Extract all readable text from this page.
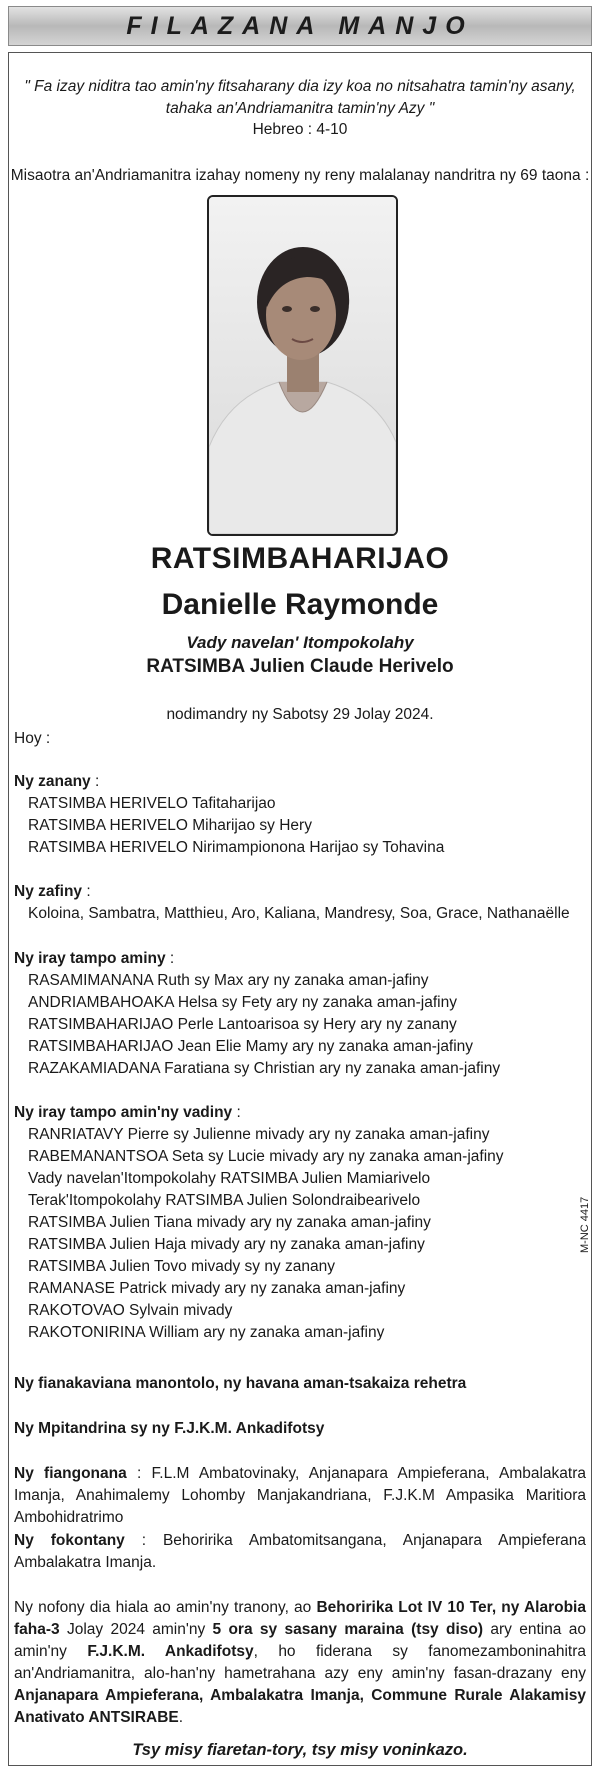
FILAZANA MANJO
" Fa izay niditra tao amin'ny fitsaharany dia izy koa no nitsahatra tamin'ny asany,
tahaka an'Andriamanitra tamin'ny Azy "
Hebreo : 4-10
Misaotra an'Andriamanitra izahay nomeny ny reny malalanay nandritra ny 69 taona :
RATSIMBAHARIJAO
Danielle Raymonde
Vady navelan' Itompokolahy
RATSIMBA Julien Claude Herivelo
nodimandry ny Sabotsy 29 Jolay 2024.
Hoy :
Ny zanany :
RATSIMBA HERIVELO Tafitaharijao
RATSIMBA HERIVELO Miharijao sy Hery
RATSIMBA HERIVELO Nirimampionona Harijao sy Tohavina
Ny zafiny :
Koloina, Sambatra, Matthieu, Aro, Kaliana, Mandresy, Soa, Grace, Nathanaëlle
Ny iray tampo aminy :
RASAMIMANANA Ruth sy Max ary ny zanaka aman-jafiny
ANDRIAMBAHOAKA Helsa sy Fety ary ny zanaka aman-jafiny
RATSIMBAHARIJAO Perle Lantoarisoa sy Hery ary ny zanany
RATSIMBAHARIJAO Jean Elie Mamy ary ny zanaka aman-jafiny
RAZAKAMIADANA Faratiana sy Christian ary ny zanaka aman-jafiny
Ny iray tampo amin'ny vadiny :
RANRIATAVY Pierre sy Julienne mivady ary ny zanaka aman-jafiny
RABEMANANTSOA Seta sy Lucie mivady ary ny zanaka aman-jafiny
Vady navelan'Itompokolahy RATSIMBA Julien Mamiarivelo
Terak'Itompokolahy RATSIMBA Julien Solondraibearivelo
RATSIMBA Julien Tiana mivady ary ny zanaka aman-jafiny
RATSIMBA Julien Haja mivady ary ny zanaka aman-jafiny
RATSIMBA Julien Tovo mivady sy ny zanany
RAMANASE Patrick mivady ary ny zanaka aman-jafiny
RAKOTOVAO Sylvain mivady
RAKOTONIRINA William ary ny zanaka aman-jafiny
Ny fianakaviana manontolo, ny havana aman-tsakaiza rehetra
Ny Mpitandrina sy ny F.J.K.M. Ankadifotsy
Ny fiangonana : F.L.M Ambatovinaky, Anjanapara Ampieferana, Ambalakatra Imanja, Anahimalemy Lohomby Manjakandriana, F.J.K.M Ampasika Maritiora Ambohidratrimo
Ny fokontany : Behoririka Ambatomitsangana, Anjanapara Ampieferana Ambalakatra Imanja.
Ny nofony dia hiala ao amin'ny tranony, ao Behoririka Lot IV 10 Ter, ny Alarobia faha-3 Jolay 2024 amin'ny 5 ora sy sasany maraina (tsy diso) ary entina ao amin'ny F.J.K.M. Ankadifotsy, ho fiderana sy fanomezamboninahitra an'Andriamanitra, alo-han'ny hametrahana azy eny amin'ny fasan-drazany eny Anjanapara Ampieferana, Ambalakatra Imanja, Commune Rurale Alakamisy Anativato ANTSIRABE.
M-NC 4417
Tsy misy fiaretan-tory, tsy misy voninkazo.
